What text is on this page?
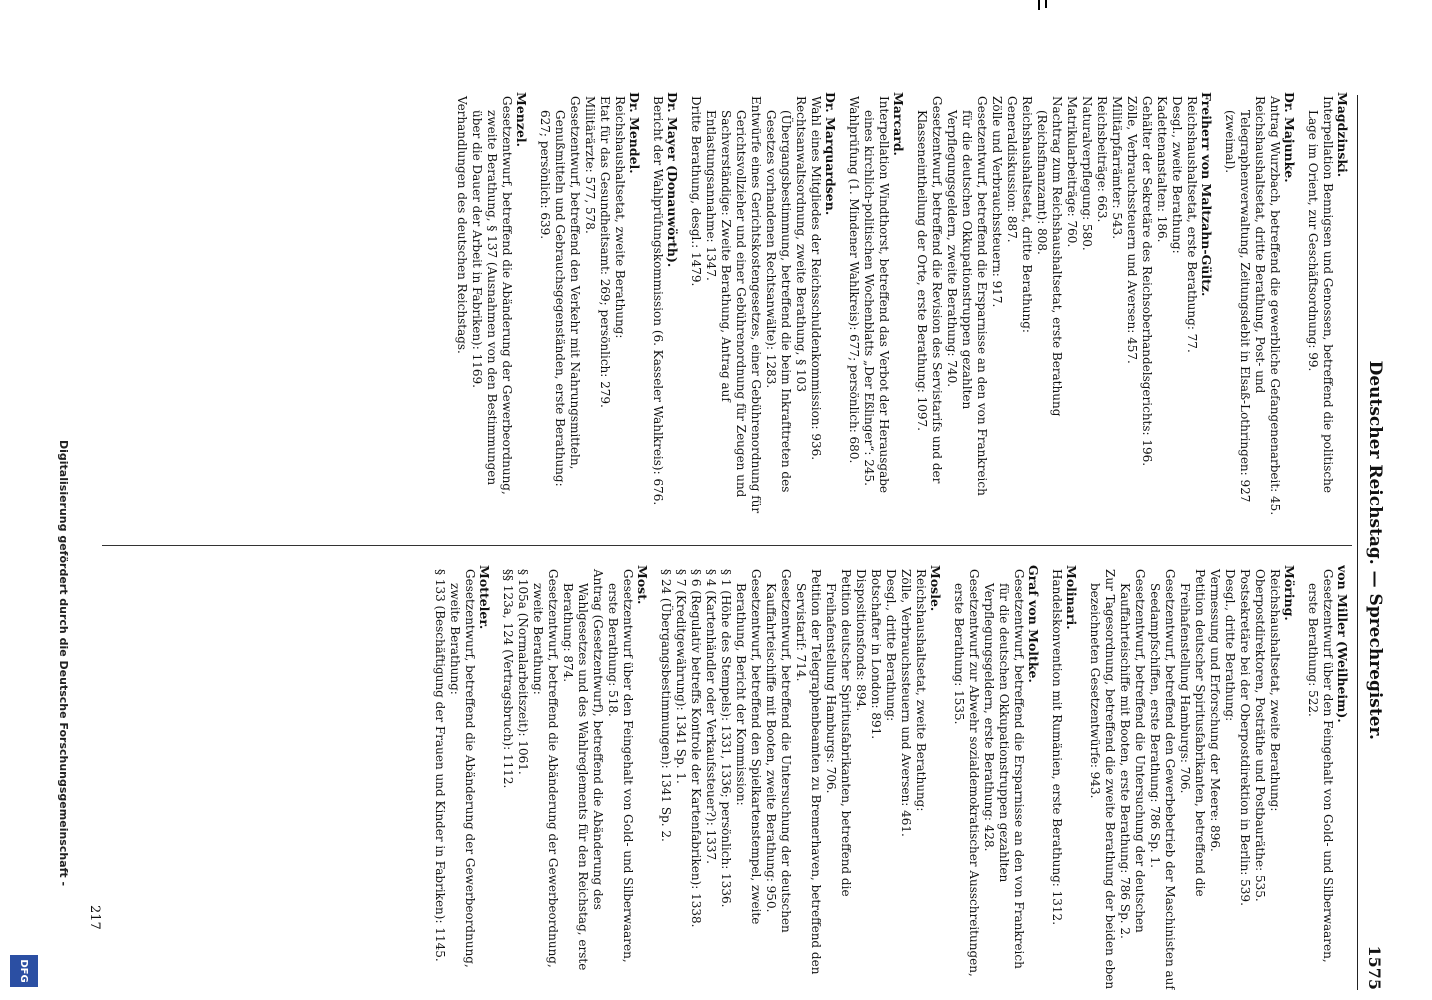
Deutscher Reichstag. — Sprechregister.
1575
Magdzinski.
Interpellation Bennigsen und Genossen, betreffend die politische Lage im Orient, zur Geschäftsordnung: 99.
Dr. Majunke.
Antrag Wurzbach, betreffend die gewerbliche Gefangenenarbeit: 45.
Reichshaushaltsetat, dritte Berathung, Post- und Telegraphenverwaltung, Zeitungsdebit in Elsaß-Lothringen: 927 (zweimal).
Freiherr von Maltzahn-Gültz.
Reichshaushaltsetat, erste Berathung: 77.
Desgl., zweite Berathung:
Kadettenanstalten: 186.
Gehälter der Sekretäre des Reichsoberhandelsgerichts: 196.
Zölle, Verbrauchssteuern und Aversen: 457.
Militärpfarrämter: 543.
Reichsbeiträge: 663.
Naturalverpflegung: 580.
Matrikularbeiträge: 760.
Nachtrag zum Reichshaushaltsetat, erste Berathung (Reichsfinanzamt): 808.
Reichshaushaltsetat, dritte Berathung:
Generaldiskussion: 887.
Zölle und Verbrauchssteuern: 917.
Gesetzentwurf, betreffend die Ersparnisse an den von Frankreich für die deutschen Okkupationstruppen gezahlten Verpflegungsgeldern, zweite Berathung: 740.
Gesetzentwurf, betreffend die Revision des Servistarifs und der Klasseneintheilung der Orte, erste Berathung: 1097.
Marcard.
Interpellation Windthorst, betreffend das Verbot der Herausgabe eines kirchlich-politischen Wochenblatts „Der Eßlinger“: 245.
Wahlprüfung (1. Mindener Wahlkreis): 677; persönlich: 680.
Dr. Marquardsen.
Wahl eines Mitgliedes der Reichsschuldenkommission: 936.
Rechtsanwaltsordnung, zweite Berathung, § 103 (Übergangsbestimmung, betreffend die beim Inkrafttreten des Gesetzes vorhandenen Rechtsanwälte): 1283.
Entwürfe eines Gerichtskostengesetzes, einer Gebührenordnung für Gerichtsvollzieher und einer Gebührenordnung für Zeugen und Sachverständige: Zweite Berathung, Antrag auf Entlastungsannahme: 1347.
Dritte Berathung, desgl.: 1479.
Dr. Mayer (Donauwörth).
Bericht der Wahlprüfungskommission (6. Kasseler Wahlkreis): 676.
Dr. Mendel.
Reichshaushaltsetat, zweite Berathung:
Etat für das Gesundheitsamt: 269; persönlich: 279.
Militärärzte: 577, 578.
Gesetzentwurf, betreffend den Verkehr mit Nahrungsmitteln, Genußmitteln und Gebrauchsgegenständen, erste Berathung: 627; persönlich: 639.
Menzel.
Gesetzentwurf, betreffend die Abänderung der Gewerbeordnung, zweite Berathung, § 137 (Ausnahmen von den Bestimmungen über die Dauer der Arbeit in Fabriken): 1169.
Verhandlungen des deutschen Reichstags.
von Miller (Weilheim).
Gesetzentwurf über den Feingehalt von Gold- und Silberwaaren, erste Berathung: 522.
Möring.
Reichshaushaltsetat, zweite Berathung:
Oberpostdirektoren, Posträthe und Postbauräthe: 535.
Postsekretäre bei der Oberpostdirektion in Berlin: 539.
Desgl., dritte Berathung:
Vermessung und Erforschung der Meere: 896.
Petition deutscher Spiritusfabrikanten, betreffend die Freihafenstellung Hamburgs: 706.
Gesetzentwurf, betreffend den Gewerbebetrieb der Maschinisten auf Seedampfschiffen, erste Berathung: 786 Sp. 1.
Gesetzentwurf, betreffend die Untersuchung der deutschen Kauffahrteischiffe mit Booten, erste Berathung: 786 Sp. 2.
Zur Tagesordnung, betreffend die zweite Berathung der beiden eben bezeichneten Gesetzentwürfe: 943.
Molinari.
Handelskonvention mit Rumänien, erste Berathung: 1312.
Graf von Moltke.
Gesetzentwurf, betreffend die Ersparnisse an den von Frankreich für die deutschen Okkupationstruppen gezahlten Verpflegungsgeldern, erste Berathung: 428.
Gesetzentwurf zur Abwehr sozialdemokratischer Ausschreitungen, erste Berathung: 1535.
Mosle.
Reichshaushaltsetat, zweite Berathung:
Zölle, Verbrauchssteuern und Aversen: 461.
Desgl., dritte Berathung:
Botschafter in London: 891.
Dispositionsfonds: 894.
Petition deutscher Spiritusfabrikanten, betreffend die Freihafenstellung Hamburgs: 706.
Petition der Telegraphenbeamten zu Bremerhaven, betreffend den Servistarif: 714.
Gesetzentwurf, betreffend die Untersuchung der deutschen Kauffahrteischiffe mit Booten, zweite Berathung: 950.
Gesetzentwurf, betreffend den Spielkartenstempel, zweite Berathung, Bericht der Kommission:
§ 1 (Höhe des Stempels): 1331, 1336; persönlich: 1336.
§ 4 (Kartenhändler oder Verkaufssteuer?): 1337.
§ 6 (Regulativ betreffs Kontrole der Kartenfabriken): 1338.
§ 7 (Kreditgewährung): 1341 Sp. 1.
§ 24 (Übergangsbestimmungen): 1341 Sp. 2.
Most.
Gesetzentwurf über den Feingehalt von Gold- und Silberwaaren, erste Berathung: 518.
Antrag (Gesetzentwurf), betreffend die Abänderung des Wahlgesetzes und des Wahlreglements für den Reichstag, erste Berathung: 874.
Gesetzentwurf, betreffend die Abänderung der Gewerbeordnung, zweite Berathung:
§ 105a (Normalarbeitszeit): 1061.
§§ 123a, 124 (Vertragsbruch): 1112.
Motteler.
Gesetzentwurf, betreffend die Abänderung der Gewerbeordnung, zweite Berathung:
§ 133 (Beschäftigung der Frauen und Kinder in Fabriken): 1145.
217
Digitalisierung gefördert durch die Deutsche Forschungsgemeinschaft -
DFG
